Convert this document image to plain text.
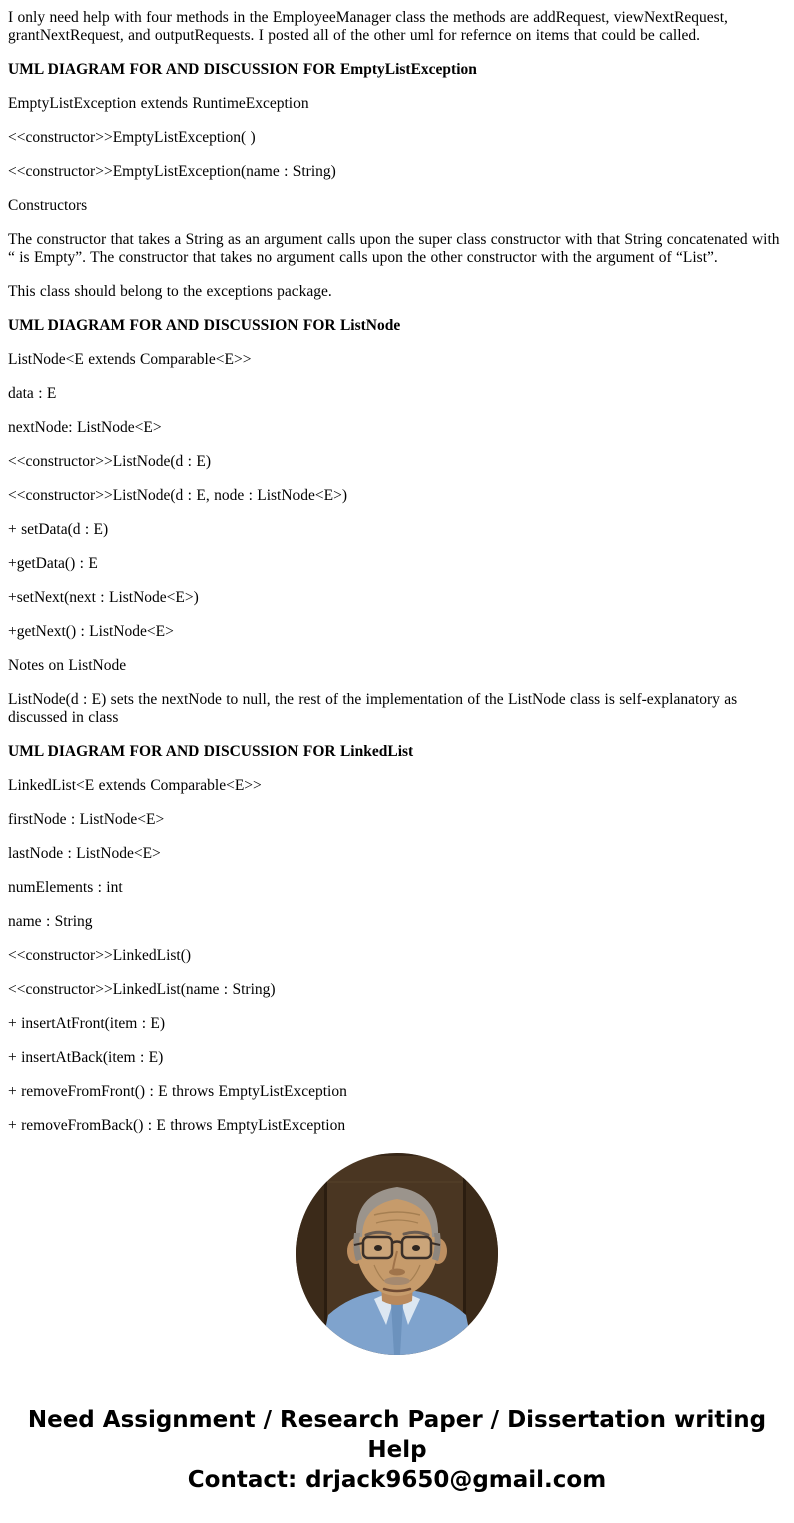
I only need help with four methods in the EmployeeManager class the methods are addRequest, viewNextRequest, grantNextRequest, and outputRequests. I posted all of the other uml for refernce on items that could be called.
UML DIAGRAM FOR AND DISCUSSION FOR EmptyListException
EmptyListException extends RuntimeException
<<constructor>>EmptyListException( )
<<constructor>>EmptyListException(name : String)
Constructors
The constructor that takes a String as an argument calls upon the super class constructor with that String concatenated with “ is Empty”. The constructor that takes no argument calls upon the other constructor with the argument of “List”.
This class should belong to the exceptions package.
UML DIAGRAM FOR AND DISCUSSION FOR ListNode
ListNode<E extends Comparable<E>>
data : E
nextNode: ListNode<E>
<<constructor>>ListNode(d : E)
<<constructor>>ListNode(d : E, node : ListNode<E>)
+ setData(d : E)
+getData() : E
+setNext(next : ListNode<E>)
+getNext() : ListNode<E>
Notes on ListNode
ListNode(d : E) sets the nextNode to null, the rest of the implementation of the ListNode class is self-explanatory as discussed in class
UML DIAGRAM FOR AND DISCUSSION FOR LinkedList
LinkedList<E extends Comparable<E>>
firstNode : ListNode<E>
lastNode : ListNode<E>
numElements : int
name : String
<<constructor>>LinkedList()
<<constructor>>LinkedList(name : String)
+ insertAtFront(item : E)
+ insertAtBack(item : E)
+ removeFromFront() : E throws EmptyListException
+ removeFromBack() : E throws EmptyListException
Need Assignment / Research Paper / Dissertation writing Help
Contact: drjack9650@gmail.com
